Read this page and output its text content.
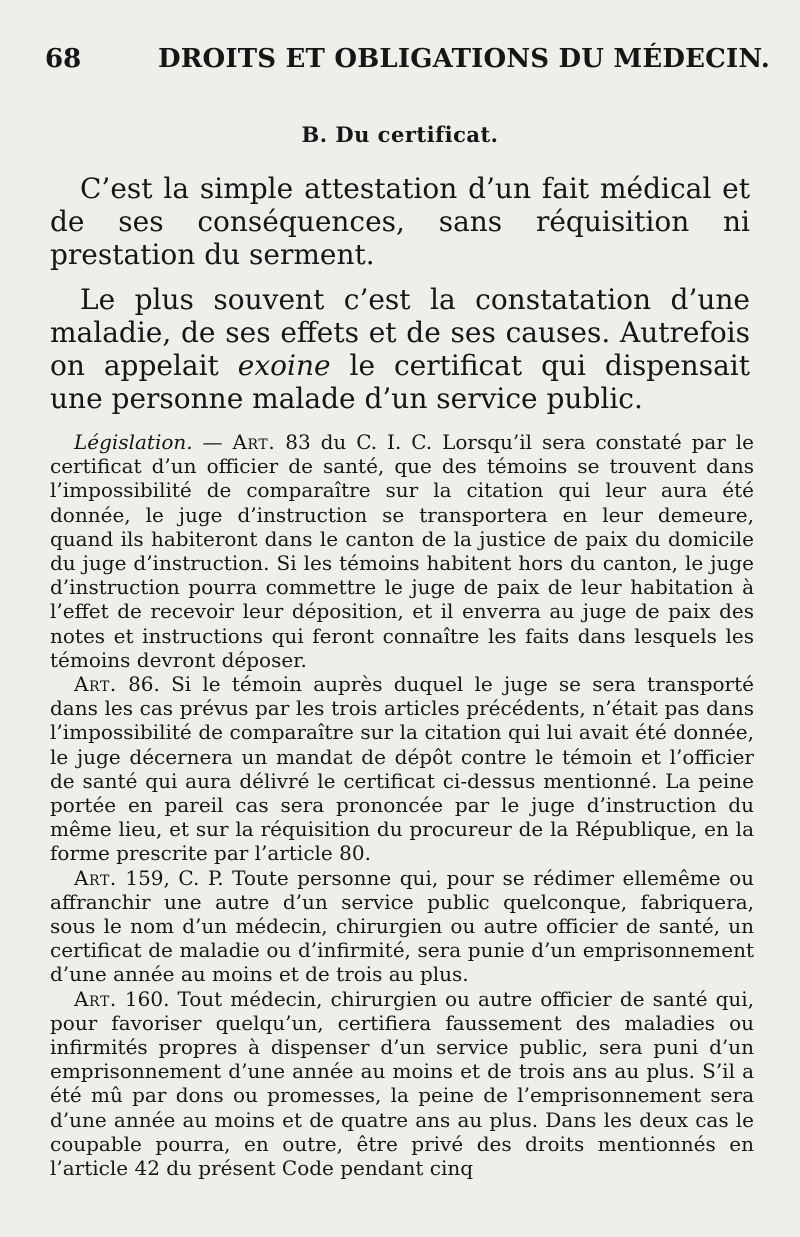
68	DROITS ET OBLIGATIONS DU MÉDECIN.
B. Du certificat.

C’est la simple attestation d’un fait médical et de ses conséquences, sans réquisition ni prestation du serment.

Le plus souvent c’est la constatation d’une maladie, de ses effets et de ses causes. Autrefois on appelait exoine le certificat qui dispensait une personne malade d’un service public.

Législation. — Art. 83 du C. I. C. Lorsqu’il sera constaté par le certificat d’un officier de santé, que des témoins se trouvent dans l’impossibilité de comparaître sur la citation qui leur aura été donnée, le juge d’instruction se transportera en leur demeure, quand ils habiteront dans le canton de la justice de paix du domicile du juge d’instruction. Si les témoins habitent hors du canton, le juge d’instruction pourra commettre le juge de paix de leur habitation à l’effet de recevoir leur déposition, et il enverra au juge de paix des notes et instructions qui feront connaître les faits dans lesquels les témoins devront déposer.

Art. 86. Si le témoin auprès duquel le juge se sera transporté dans les cas prévus par les trois articles précédents, n’était pas dans l’impossibilité de comparaître sur la citation qui lui avait été donnée, le juge décernera un mandat de dépôt contre le témoin et l’officier de santé qui aura délivré le certificat ci-dessus mentionné. La peine portée en pareil cas sera prononcée par le juge d’instruction du même lieu, et sur la réquisition du procureur de la République, en la forme prescrite par l’article 80.

Art. 159, C. P. Toute personne qui, pour se rédimer ellemême ou affranchir une autre d’un service public quelconque, fabriquera, sous le nom d’un médecin, chirurgien ou autre officier de santé, un certificat de maladie ou d’infirmité, sera punie d’un emprisonnement d’une année au moins et de trois au plus.

Art. 160. Tout médecin, chirurgien ou autre officier de santé qui, pour favoriser quelqu’un, certifiera faussement des maladies ou infirmités propres à dispenser d’un service public, sera puni d’un emprisonnement d’une année au moins et de trois ans au plus. S’il a été mû par dons ou promesses, la peine de l’emprisonnement sera d’une année au moins et de quatre ans au plus. Dans les deux cas le coupable pourra, en outre, être privé des droits mentionnés en l’article 42 du présent Code pendant cinq
